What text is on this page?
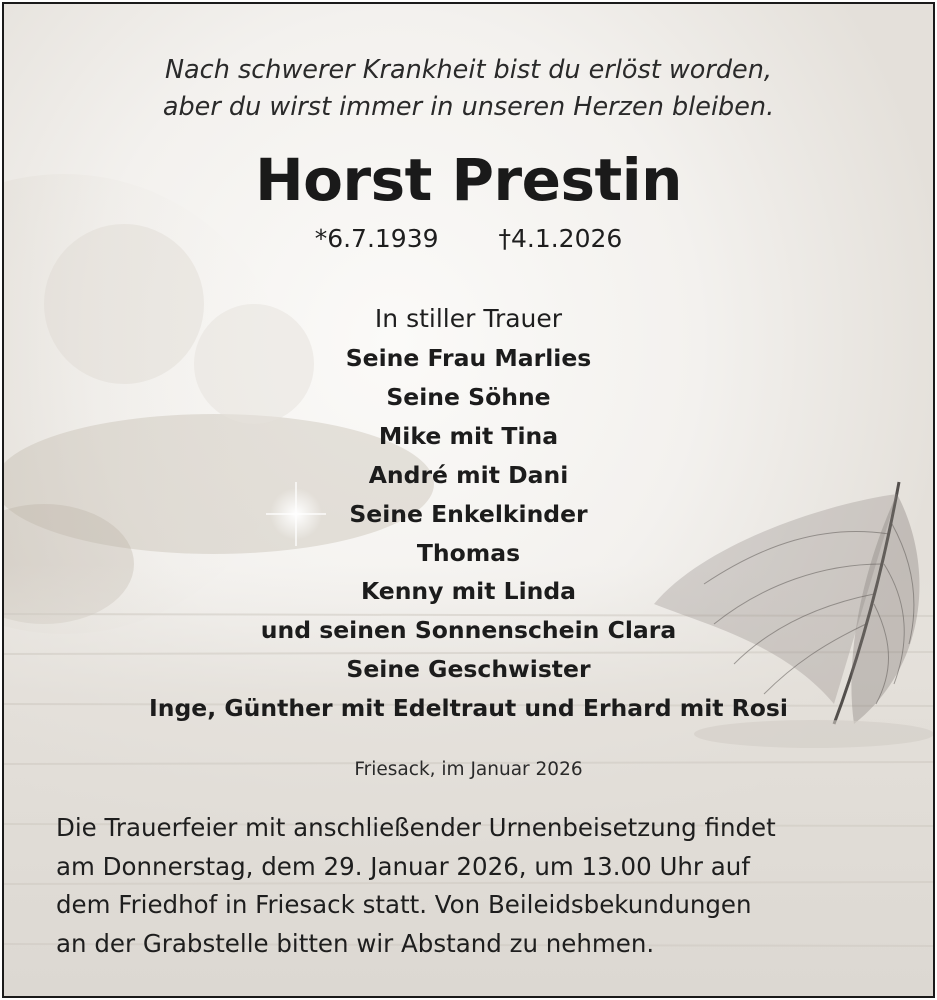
Nach schwerer Krankheit bist du erlöst worden,
aber du wirst immer in unseren Herzen bleiben.
Horst Prestin
*6.7.1939 †4.1.2026
In stiller Trauer
Seine Frau Marlies
Seine Söhne
Mike mit Tina
André mit Dani
Seine Enkelkinder
Thomas
Kenny mit Linda
und seinen Sonnenschein Clara
Seine Geschwister
Inge, Günther mit Edeltraut und Erhard mit Rosi
Friesack, im Januar 2026
Die Trauerfeier mit anschließender Urnenbeisetzung findet
am Donnerstag, dem 29. Januar 2026, um 13.00 Uhr auf
dem Friedhof in Friesack statt. Von Beileidsbekundungen
an der Grabstelle bitten wir Abstand zu nehmen.
